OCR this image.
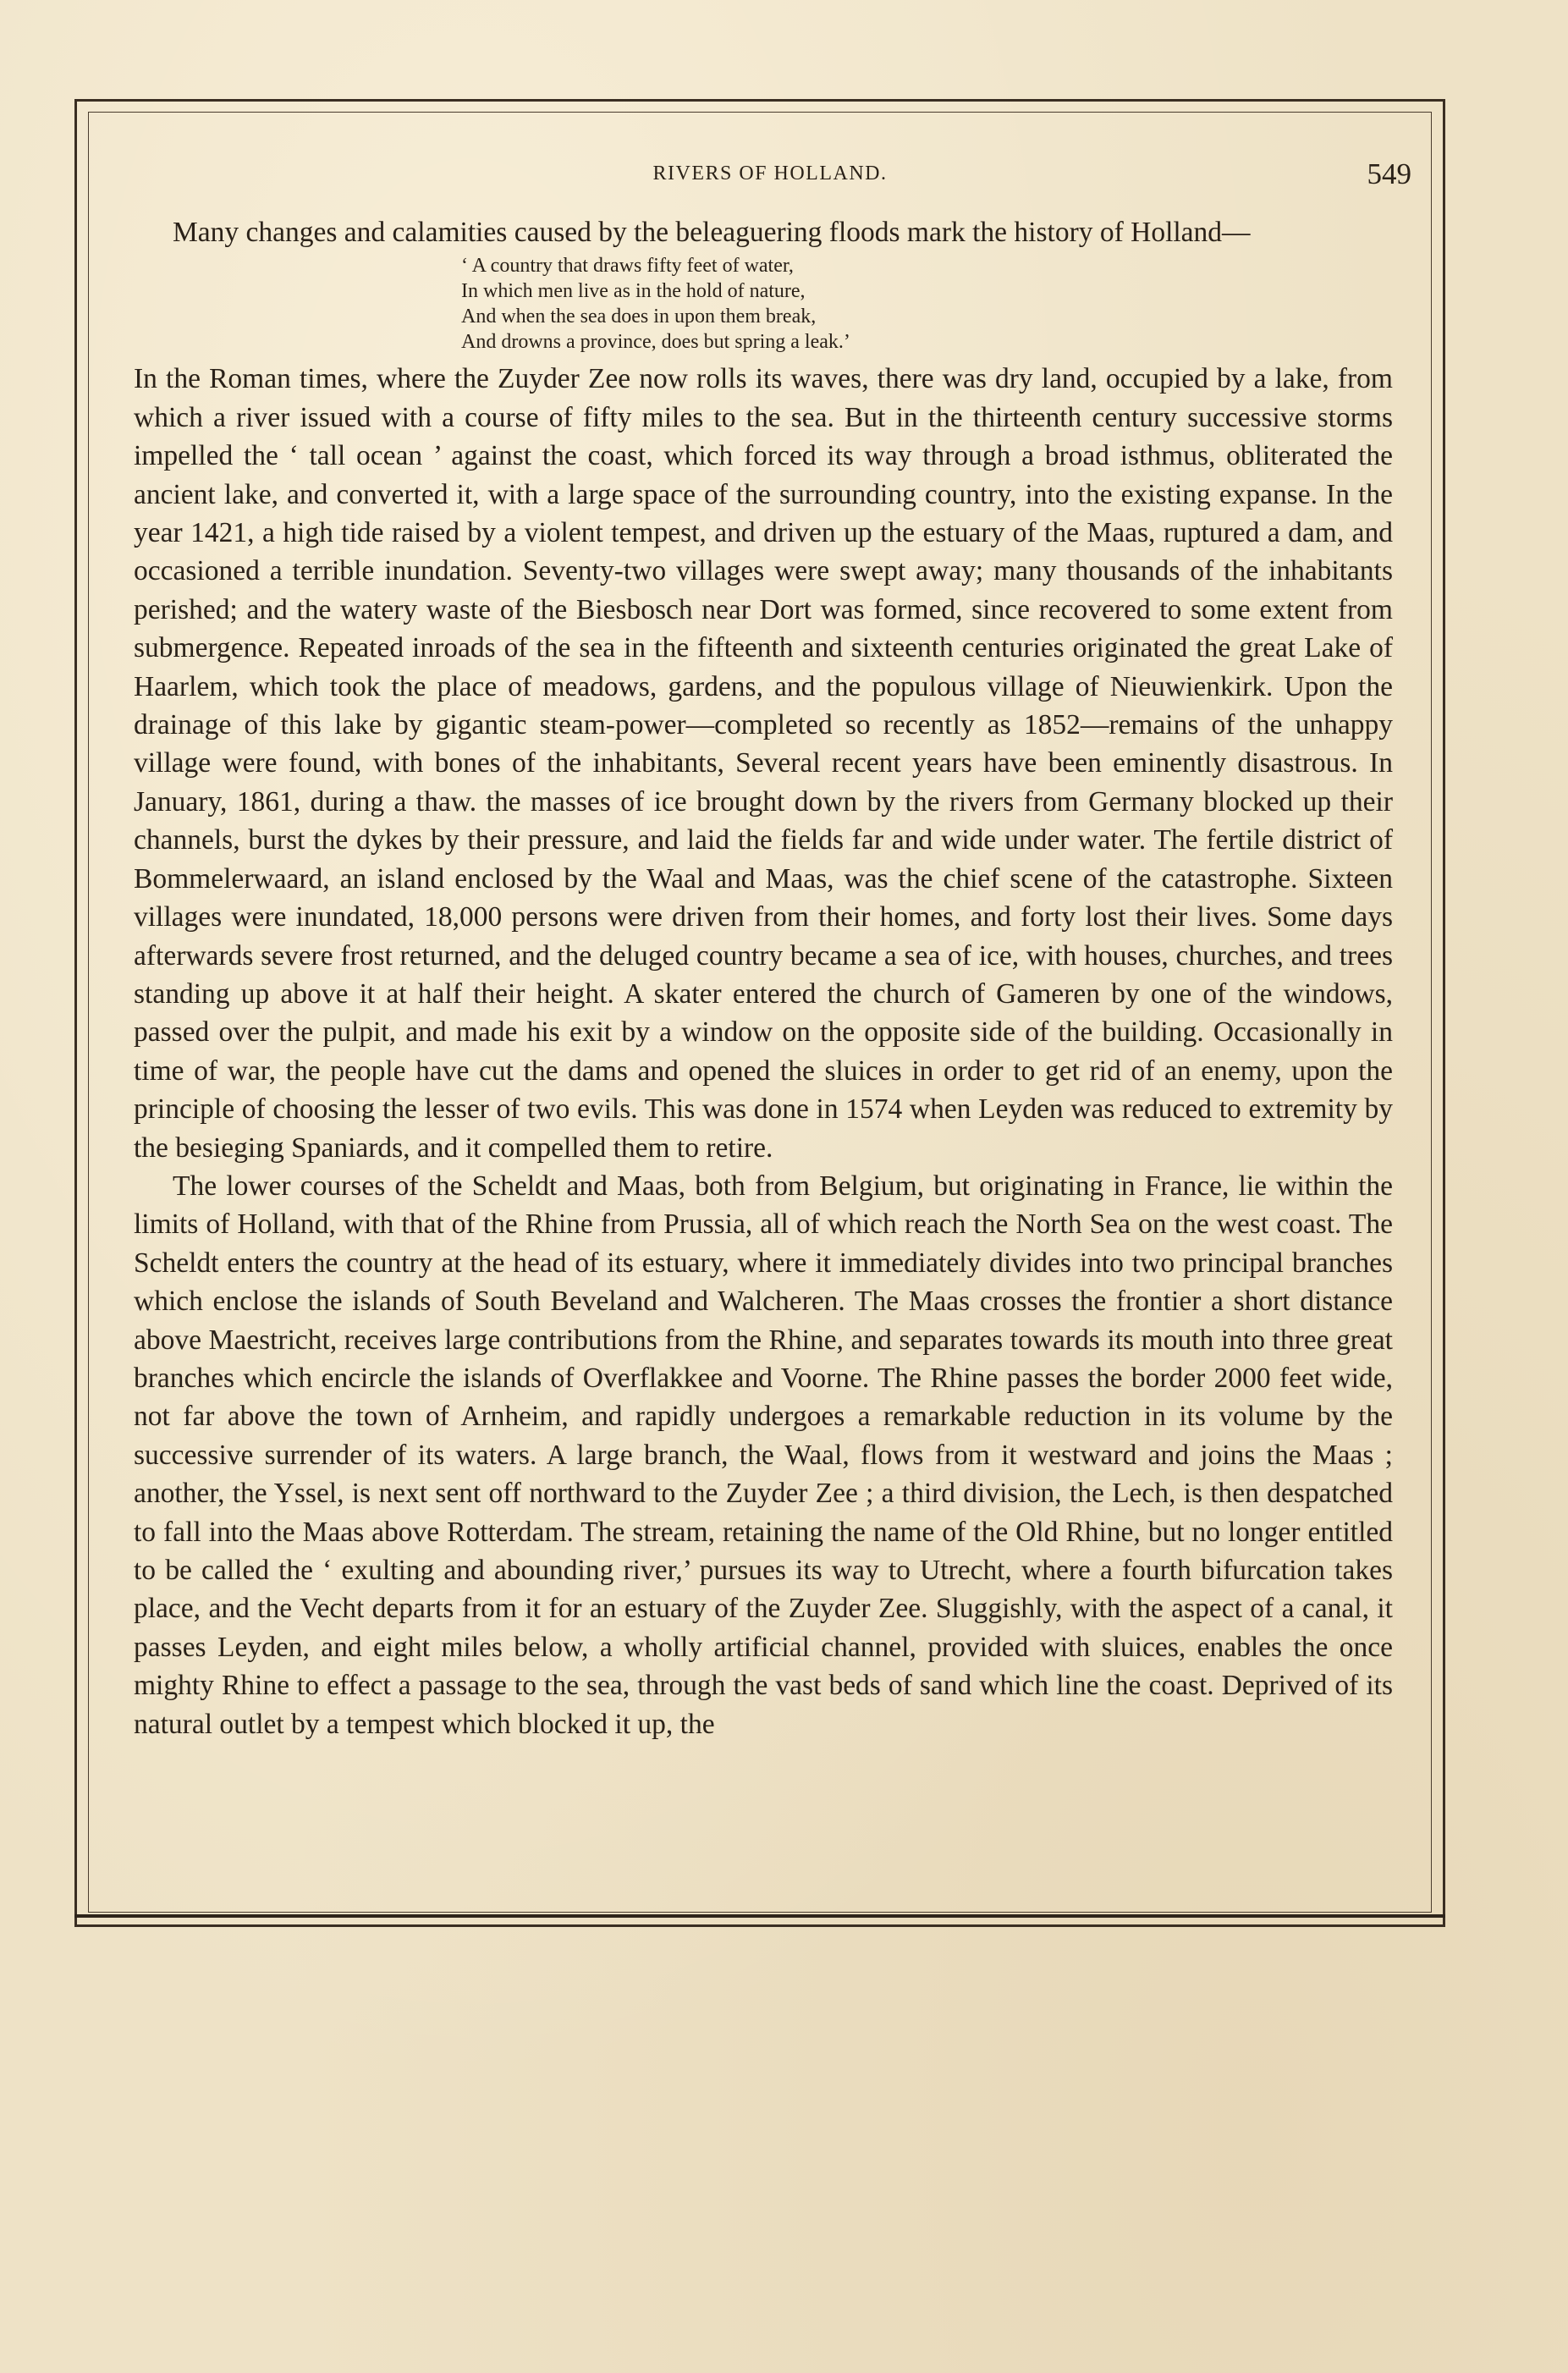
RIVERS OF HOLLAND.	549

Many changes and calamities caused by the beleaguering floods mark the history of Holland—

‘ A country that draws fifty feet of water,
In which men live as in the hold of nature,
And when the sea does in upon them break,
And drowns a province, does but spring a leak.’

In the Roman times, where the Zuyder Zee now rolls its waves, there was dry land, occupied by a lake, from which a river issued with a course of fifty miles to the sea. But in the thirteenth century successive storms impelled the ‘ tall ocean ’ against the coast, which forced its way through a broad isthmus, obliterated the ancient lake, and converted it, with a large space of the surrounding country, into the existing expanse. In the year 1421, a high tide raised by a violent tempest, and driven up the estuary of the Maas, ruptured a dam, and occasioned a terrible inundation. Seventy-two villages were swept away; many thousands of the inhabitants perished; and the watery waste of the Biesbosch near Dort was formed, since recovered to some extent from submergence. Repeated inroads of the sea in the fifteenth and sixteenth centuries originated the great Lake of Haarlem, which took the place of meadows, gardens, and the populous village of Nieuwienkirk. Upon the drainage of this lake by gigantic steam-power—completed so recently as 1852—remains of the unhappy village were found, with bones of the inhabitants, Several recent years have been eminently disastrous. In January, 1861, during a thaw. the masses of ice brought down by the rivers from Germany blocked up their channels, burst the dykes by their pressure, and laid the fields far and wide under water. The fertile district of Bommelerwaard, an island enclosed by the Waal and Maas, was the chief scene of the catastrophe. Sixteen villages were inundated, 18,000 persons were driven from their homes, and forty lost their lives. Some days afterwards severe frost returned, and the deluged country became a sea of ice, with houses, churches, and trees standing up above it at half their height. A skater entered the church of Gameren by one of the windows, passed over the pulpit, and made his exit by a window on the opposite side of the building. Occasionally in time of war, the people have cut the dams and opened the sluices in order to get rid of an enemy, upon the principle of choosing the lesser of two evils. This was done in 1574 when Leyden was reduced to extremity by the besieging Spaniards, and it compelled them to retire.

The lower courses of the Scheldt and Maas, both from Belgium, but originating in France, lie within the limits of Holland, with that of the Rhine from Prussia, all of which reach the North Sea on the west coast. The Scheldt enters the country at the head of its estuary, where it immediately divides into two principal branches which enclose the islands of South Beveland and Walcheren. The Maas crosses the frontier a short distance above Maestricht, receives large contributions from the Rhine, and separates towards its mouth into three great branches which encircle the islands of Overflakkee and Voorne. The Rhine passes the border 2000 feet wide, not far above the town of Arnheim, and rapidly undergoes a remarkable reduction in its volume by the successive surrender of its waters. A large branch, the Waal, flows from it westward and joins the Maas ; another, the Yssel, is next sent off northward to the Zuyder Zee ; a third division, the Lech, is then despatched to fall into the Maas above Rotterdam. The stream, retaining the name of the Old Rhine, but no longer entitled to be called the ‘ exulting and abounding river,’ pursues its way to Utrecht, where a fourth bifurcation takes place, and the Vecht departs from it for an estuary of the Zuyder Zee. Sluggishly, with the aspect of a canal, it passes Leyden, and eight miles below, a wholly artificial channel, provided with sluices, enables the once mighty Rhine to effect a passage to the sea, through the vast beds of sand which line the coast. Deprived of its natural outlet by a tempest which blocked it up, the
